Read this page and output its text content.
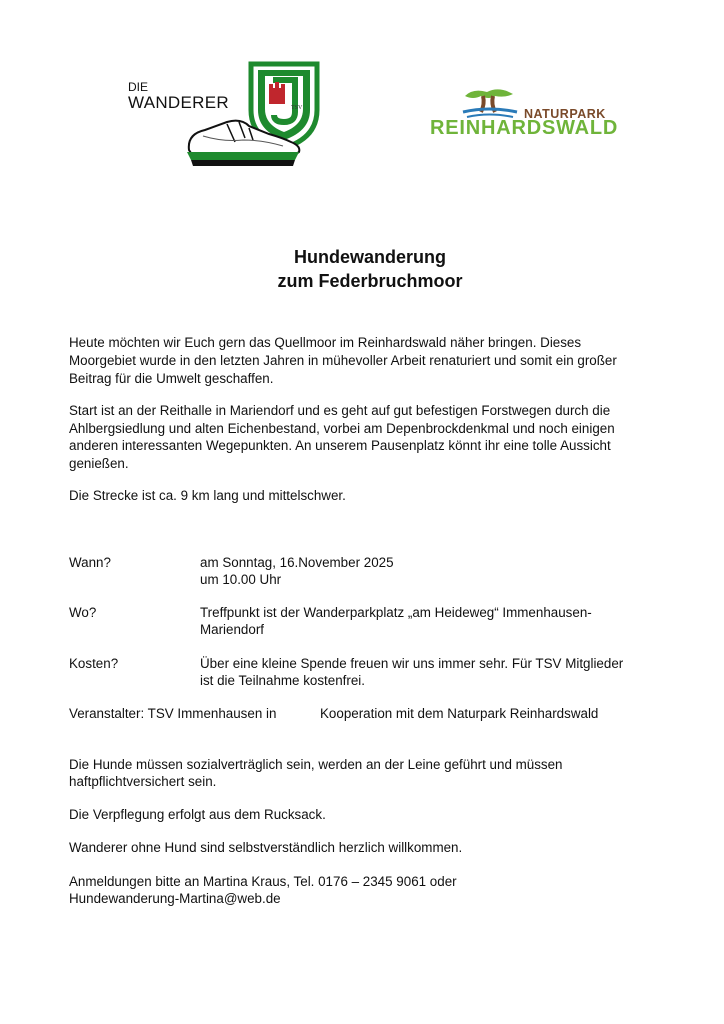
DIE
WANDERER	TSV	NATURPARK
REINHARDSWALD
Hundewanderung
zum Federbruchmoor
Heute möchten wir Euch gern das Quellmoor im Reinhardswald näher bringen. Dieses
Moorgebiet wurde in den letzten Jahren in mühevoller Arbeit renaturiert und somit ein großer
Beitrag für die Umwelt geschaffen.
Start ist an der Reithalle in Mariendorf und es geht auf gut befestigen Forstwegen durch die
Ahlbergsiedlung und alten Eichenbestand, vorbei am Depenbrockdenkmal und noch einigen
anderen interessanten Wegepunkten. An unserem Pausenplatz könnt ihr eine tolle Aussicht
genießen.
Die Strecke ist ca. 9 km lang und mittelschwer.
Wann?	am Sonntag, 16.November 2025
um 10.00 Uhr
Wo?	Treffpunkt ist der Wanderparkplatz „am Heideweg“ Immenhausen-
Mariendorf
Kosten?	Über eine kleine Spende freuen wir uns immer sehr. Für TSV Mitglieder
ist die Teilnahme kostenfrei.
Veranstalter: TSV Immenhausen in	Kooperation mit dem Naturpark Reinhardswald
Die Hunde müssen sozialverträglich sein, werden an der Leine geführt und müssen
haftpflichtversichert sein.
Die Verpflegung erfolgt aus dem Rucksack.
Wanderer ohne Hund sind selbstverständlich herzlich willkommen.
Anmeldungen bitte an Martina Kraus, Tel. 0176 – 2345 9061 oder
Hundewanderung-Martina@web.de
